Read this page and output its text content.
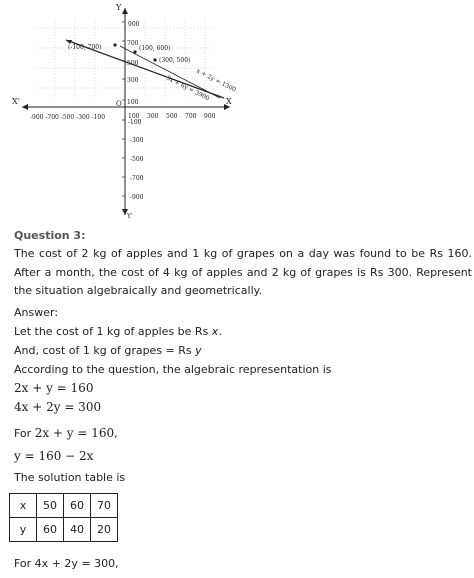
Y
X
X'
Y'
O
900
700
500
300
100
-100
-300
-500
-700
-900
-900 -700 -500 -300 -100	100 300 500 700 900
x + 2y = 1300
3x + 6y = 3900
(-100, 700)	(100, 600)
(300, 500)
Question 3:
The cost of 2 kg of apples and 1 kg of grapes on a day was found to be Rs 160. After a month, the cost of 4 kg of apples and 2 kg of grapes is Rs 300. Represent the situation algebraically and geometrically.
Answer:
Let the cost of 1 kg of apples be Rs x.
And, cost of 1 kg of grapes = Rs y
According to the question, the algebraic representation is
2x + y = 160
4x + 2y = 300
For 2x + y = 160,
y = 160 − 2x
The solution table is
x	50	60	70
y	60	40	20
For 4x + 2y = 300,
